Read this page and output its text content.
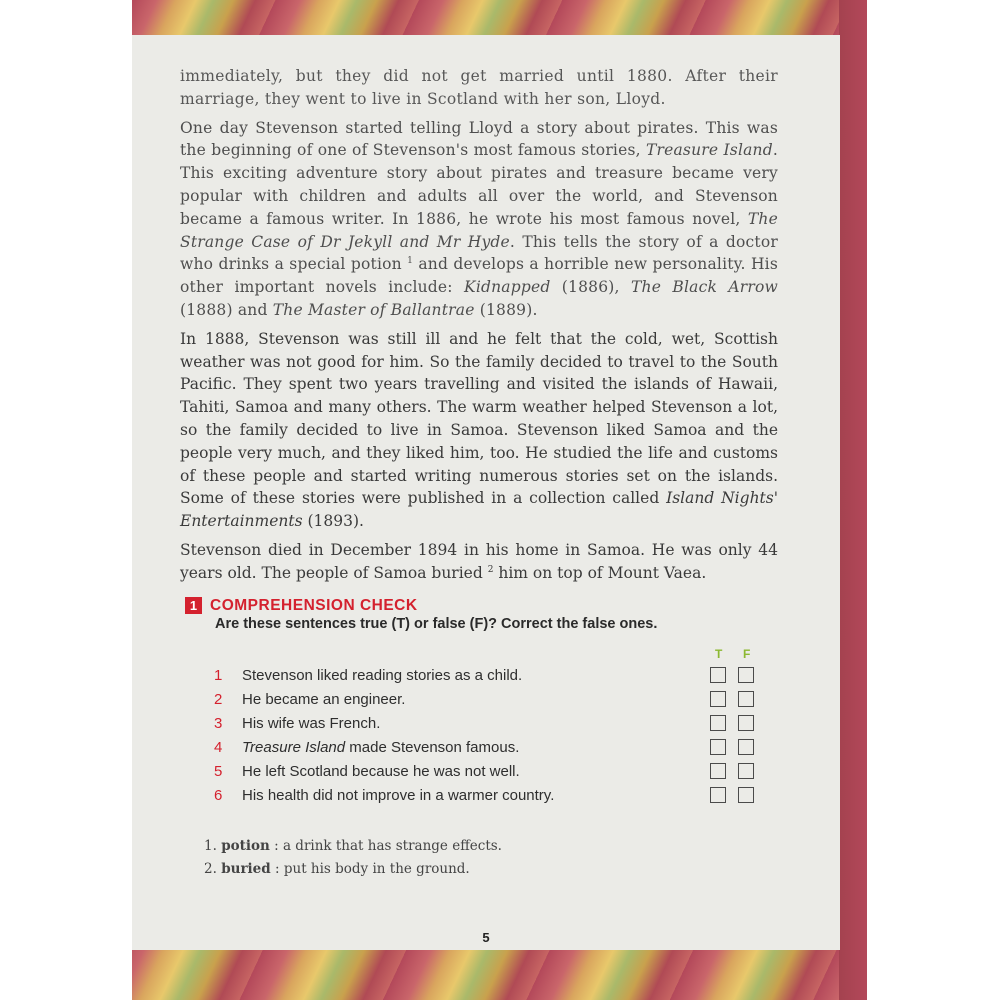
immediately, but they did not get married until 1880. After their marriage, they went to live in Scotland with her son, Lloyd.

One day Stevenson started telling Lloyd a story about pirates. This was the beginning of one of Stevenson's most famous stories, Treasure Island. This exciting adventure story about pirates and treasure became very popular with children and adults all over the world, and Stevenson became a famous writer. In 1886, he wrote his most famous novel, The Strange Case of Dr Jekyll and Mr Hyde. This tells the story of a doctor who drinks a special potion $^1$ and develops a horrible new personality. His other important novels include: Kidnapped (1886), The Black Arrow (1888) and The Master of Ballantrae (1889).

In 1888, Stevenson was still ill and he felt that the cold, wet, Scottish weather was not good for him. So the family decided to travel to the South Pacific. They spent two years travelling and visited the islands of Hawaii, Tahiti, Samoa and many others. The warm weather helped Stevenson a lot, so the family decided to live in Samoa. Stevenson liked Samoa and the people very much, and they liked him, too. He studied the life and customs of these people and started writing numerous stories set on the islands. Some of these stories were published in a collection called Island Nights' Entertainments (1893).

Stevenson died in December 1894 in his home in Samoa. He was only 44 years old. The people of Samoa buried $^2$ him on top of Mount Vaea.

1 COMPREHENSION CHECK
Are these sentences true (T) or false (F)? Correct the false ones.
T F
1	Stevenson liked reading stories as a child.
2	He became an engineer.
3	His wife was French.
4	Treasure Island made Stevenson famous.
5	He left Scotland because he was not well.
6	His health did not improve in a warmer country.
1. potion : a drink that has strange effects.
2. buried : put his body in the ground.
5
